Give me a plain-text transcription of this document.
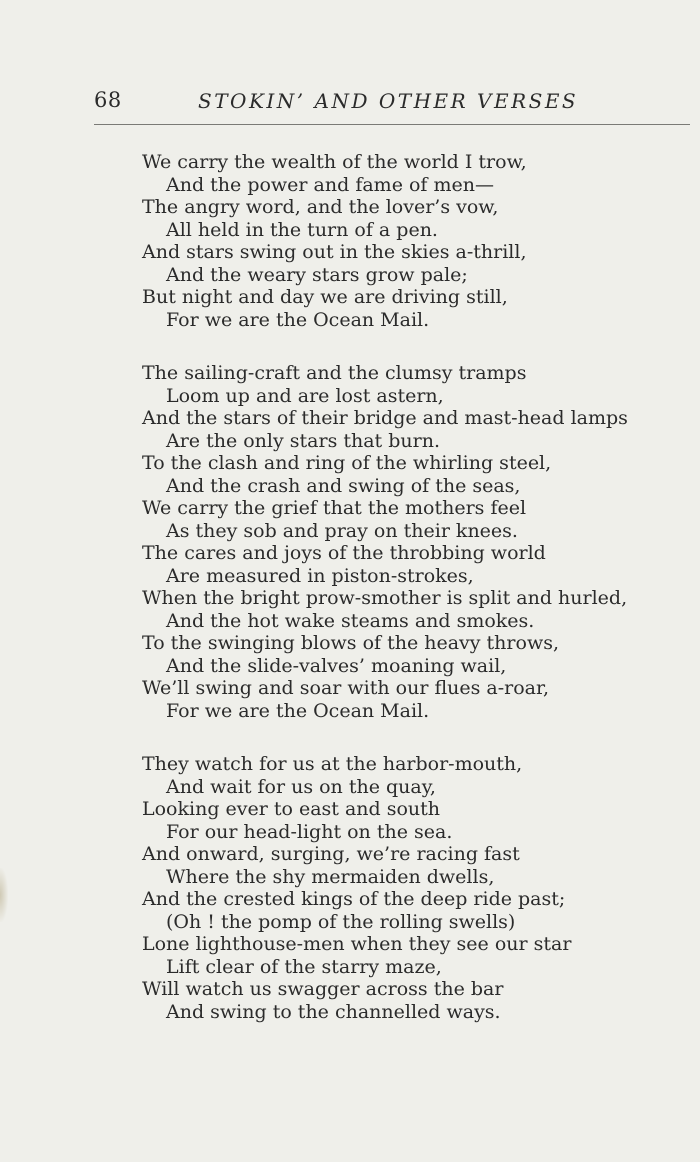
68	STOKIN’ AND OTHER VERSES
We carry the wealth of the world I trow,
And the power and fame of men—
The angry word, and the lover’s vow,
All held in the turn of a pen.
And stars swing out in the skies a-thrill,
And the weary stars grow pale;
But night and day we are driving still,
For we are the Ocean Mail.
The sailing-craft and the clumsy tramps
Loom up and are lost astern,
And the stars of their bridge and mast-head lamps
Are the only stars that burn.
To the clash and ring of the whirling steel,
And the crash and swing of the seas,
We carry the grief that the mothers feel
As they sob and pray on their knees.
The cares and joys of the throbbing world
Are measured in piston-strokes,
When the bright prow-smother is split and hurled,
And the hot wake steams and smokes.
To the swinging blows of the heavy throws,
And the slide-valves’ moaning wail,
We’ll swing and soar with our flues a-roar,
For we are the Ocean Mail.
They watch for us at the harbor-mouth,
And wait for us on the quay,
Looking ever to east and south
For our head-light on the sea.
And onward, surging, we’re racing fast
Where the shy mermaiden dwells,
And the crested kings of the deep ride past;
(Oh ! the pomp of the rolling swells)
Lone lighthouse-men when they see our star
Lift clear of the starry maze,
Will watch us swagger across the bar
And swing to the channelled ways.
